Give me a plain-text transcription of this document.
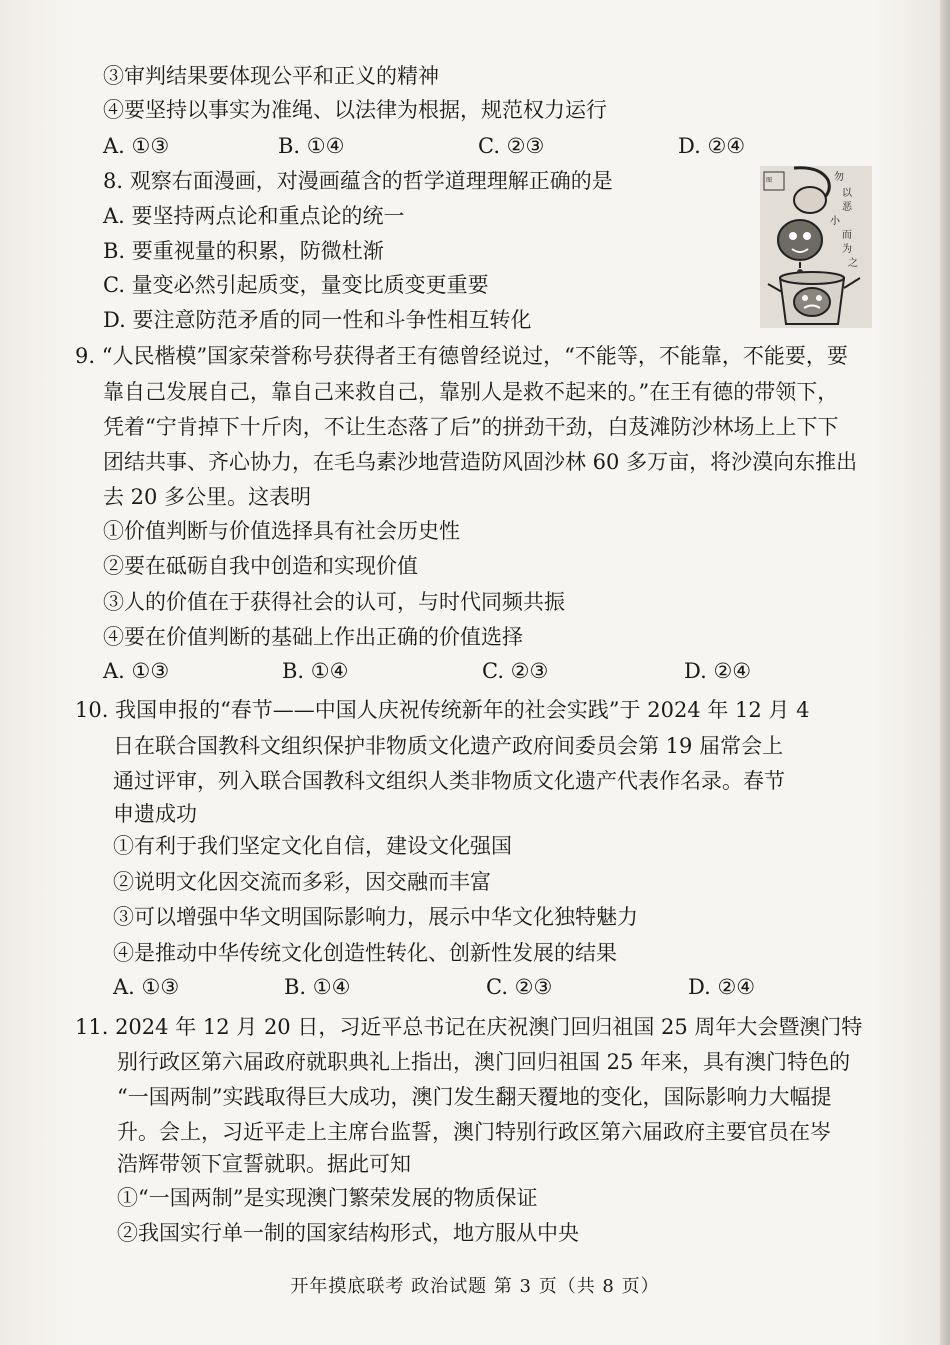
③审判结果要体现公平和正义的精神
④要坚持以事实为准绳、以法律为根据，规范权力运行
A. ①③	B. ①④	C. ②③	D. ②④
8. 观察右面漫画，对漫画蕴含的哲学道理理解正确的是
A. 要坚持两点论和重点论的统一
B. 要重视量的积累，防微杜渐
C. 量变必然引起质变，量变比质变更重要
D. 要注意防范矛盾的同一性和斗争性相互转化
图	勿
以
恶
小
而
为
之
9. “人民楷模”国家荣誉称号获得者王有德曾经说过，“不能等，不能靠，不能要，要
靠自己发展自己，靠自己来救自己，靠别人是救不起来的。”在王有德的带领下，
凭着“宁肯掉下十斤肉，不让生态落了后”的拼劲干劲，白芨滩防沙林场上上下下
团结共事、齐心协力，在毛乌素沙地营造防风固沙林 60 多万亩，将沙漠向东推出
去 20 多公里。这表明
①价值判断与价值选择具有社会历史性
②要在砥砺自我中创造和实现价值
③人的价值在于获得社会的认可，与时代同频共振
④要在价值判断的基础上作出正确的价值选择
A. ①③	B. ①④	C. ②③	D. ②④
10. 我国申报的“春节——中国人庆祝传统新年的社会实践”于 2024 年 12 月 4
日在联合国教科文组织保护非物质文化遗产政府间委员会第 19 届常会上
通过评审，列入联合国教科文组织人类非物质文化遗产代表作名录。春节
申遗成功
①有利于我们坚定文化自信，建设文化强国
②说明文化因交流而多彩，因交融而丰富
③可以增强中华文明国际影响力，展示中华文化独特魅力
④是推动中华传统文化创造性转化、创新性发展的结果
A. ①③	B. ①④	C. ②③	D. ②④
11. 2024 年 12 月 20 日，习近平总书记在庆祝澳门回归祖国 25 周年大会暨澳门特
别行政区第六届政府就职典礼上指出，澳门回归祖国 25 年来，具有澳门特色的
“一国两制”实践取得巨大成功，澳门发生翻天覆地的变化，国际影响力大幅提
升。会上，习近平走上主席台监誓，澳门特别行政区第六届政府主要官员在岑
浩辉带领下宣誓就职。据此可知
①“一国两制”是实现澳门繁荣发展的物质保证
②我国实行单一制的国家结构形式，地方服从中央
开年摸底联考 政治试题 第 3 页（共 8 页）
